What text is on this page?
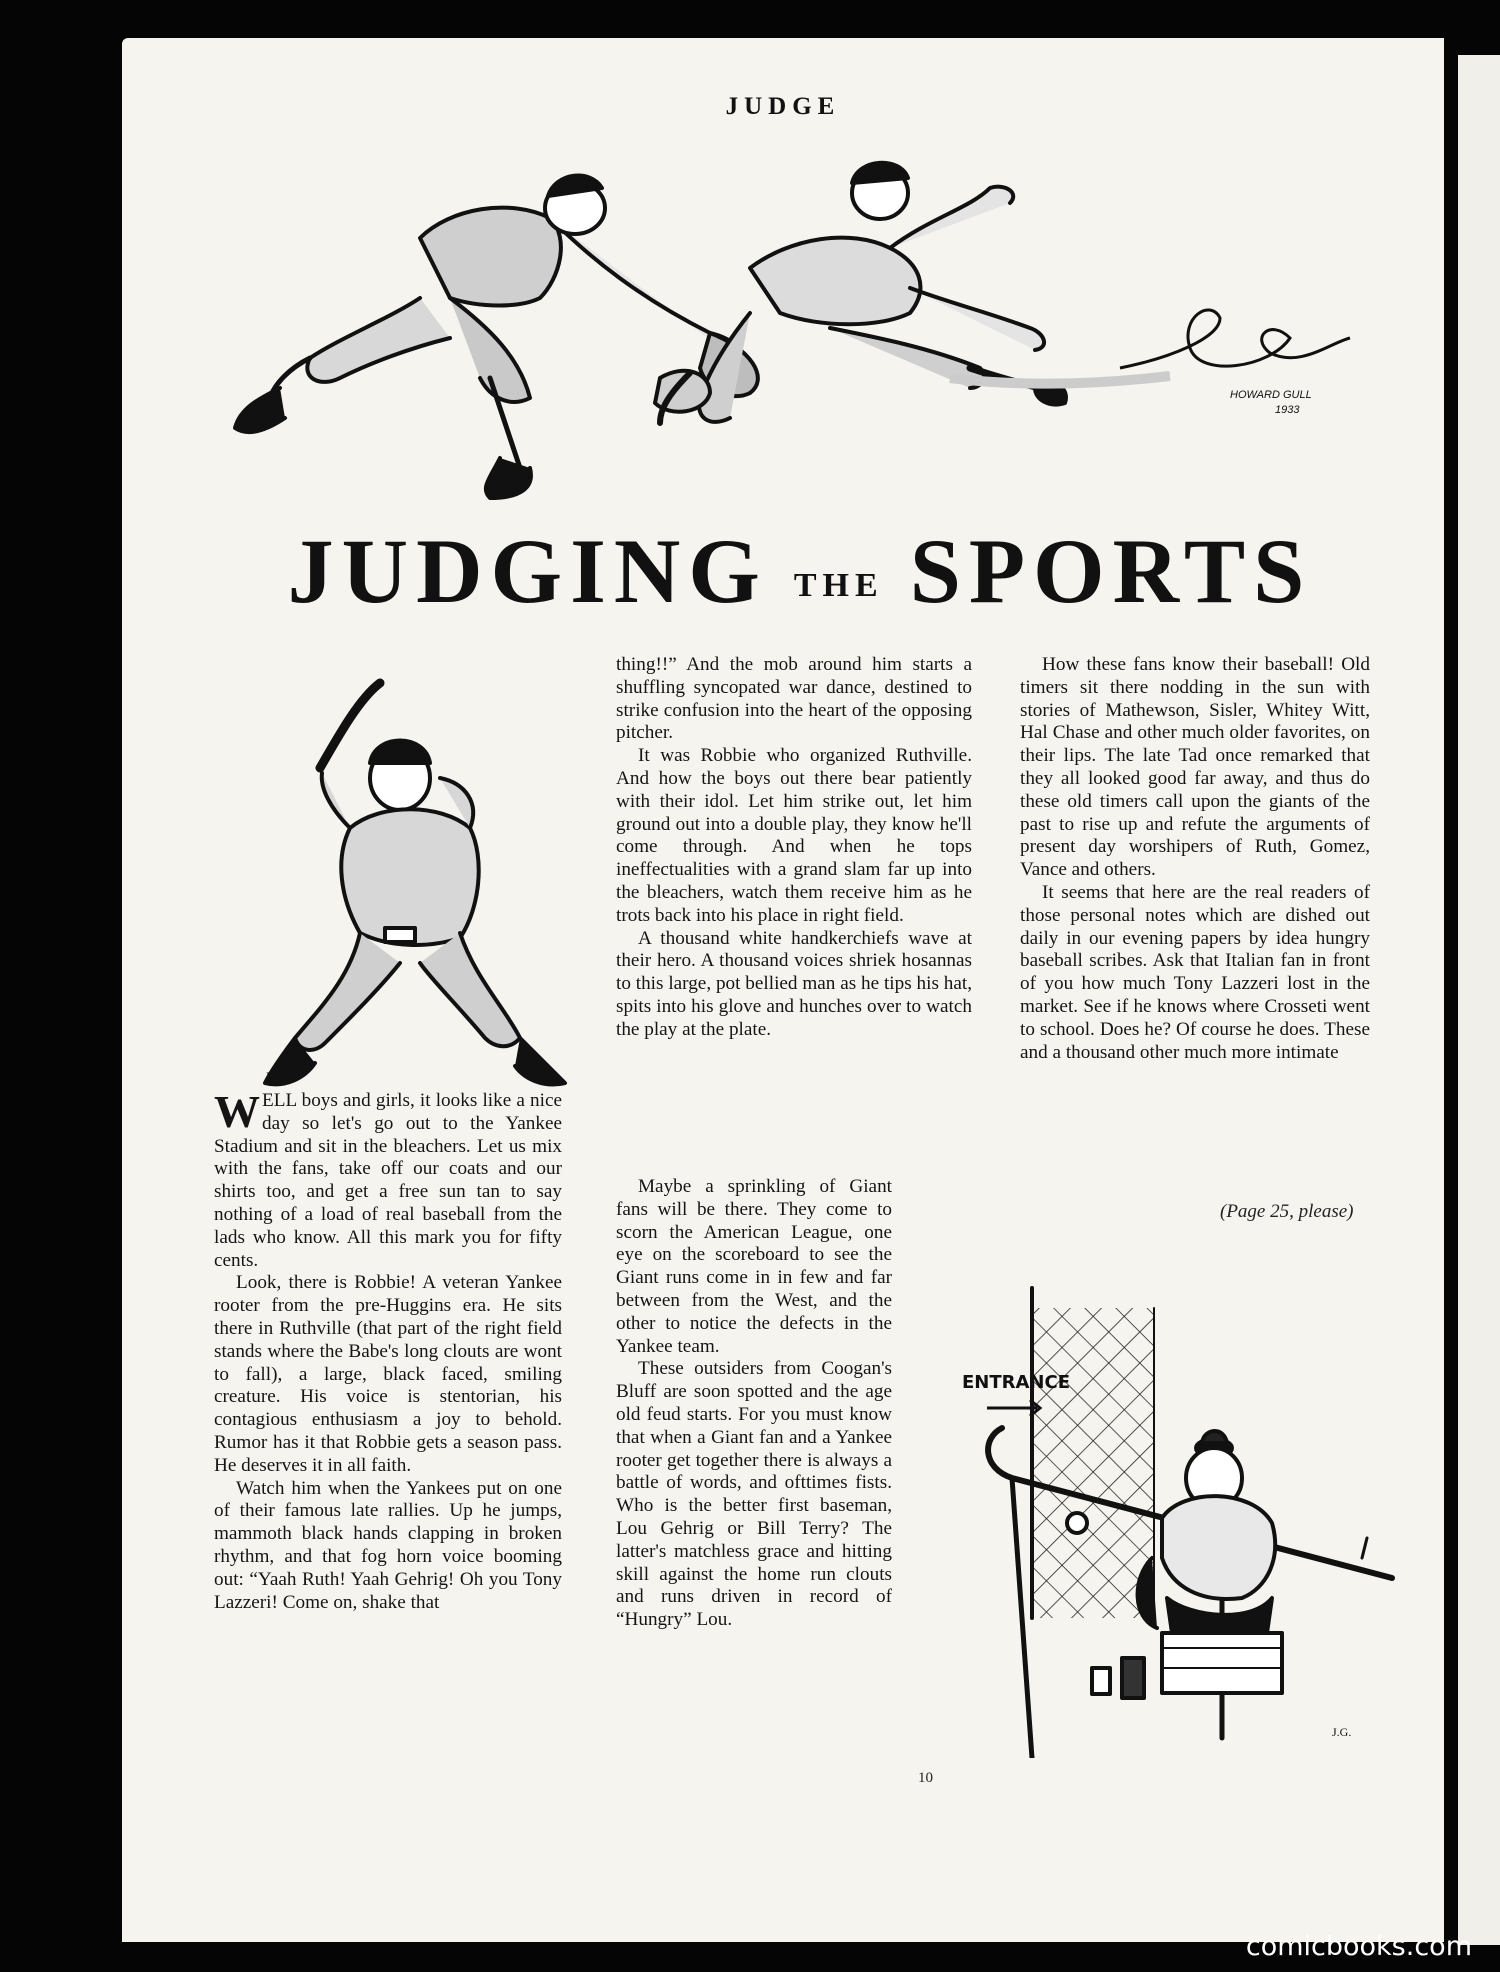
JUDGE
HOWARD GULL
1933
JUDGING THE SPORTS
J.G.

WELL boys and girls, it looks like a nice day so let's go out to the Yankee Stadium and sit in the bleachers. Let us mix with the fans, take off our coats and our shirts too, and get a free sun tan to say nothing of a load of real baseball from the lads who know. All this mark you for fifty cents.

Look, there is Robbie! A veteran Yankee rooter from the pre-Huggins era. He sits there in Ruthville (that part of the right field stands where the Babe's long clouts are wont to fall), a large, black faced, smiling creature. His voice is stentorian, his contagious enthusiasm a joy to behold. Rumor has it that Robbie gets a season pass. He deserves it in all faith.

Watch him when the Yankees put on one of their famous late rallies. Up he jumps, mammoth black hands clapping in broken rhythm, and that fog horn voice booming out: “Yaah Ruth! Yaah Gehrig! Oh you Tony Lazzeri! Come on, shake that

thing!!” And the mob around him starts a shuffling syncopated war dance, destined to strike confusion into the heart of the opposing pitcher.

It was Robbie who organized Ruthville. And how the boys out there bear patiently with their idol. Let him strike out, let him ground out into a double play, they know he'll come through. And when he tops ineffectualities with a grand slam far up into the bleachers, watch them receive him as he trots back into his place in right field.

A thousand white handkerchiefs wave at their hero. A thousand voices shriek hosannas to this large, pot bellied man as he tips his hat, spits into his glove and hunches over to watch the play at the plate.

Maybe a sprinkling of Giant fans will be there. They come to scorn the American League, one eye on the scoreboard to see the Giant runs come in in few and far between from the West, and the other to notice the defects in the Yankee team.

These outsiders from Coogan's Bluff are soon spotted and the age old feud starts. For you must know that when a Giant fan and a Yankee rooter get together there is always a battle of words, and ofttimes fists. Who is the better first baseman, Lou Gehrig or Bill Terry? The latter's matchless grace and hitting skill against the home run clouts and runs driven in record of “Hungry” Lou.

How these fans know their baseball! Old timers sit there nodding in the sun with stories of Mathewson, Sisler, Whitey Witt, Hal Chase and other much older favorites, on their lips. The late Tad once remarked that they all looked good far away, and thus do these old timers call upon the giants of the past to rise up and refute the arguments of present day worshipers of Ruth, Gomez, Vance and others.

It seems that here are the real readers of those personal notes which are dished out daily in our evening papers by idea hungry baseball scribes. Ask that Italian fan in front of you how much Tony Lazzeri lost in the market. See if he knows where Crosseti went to school. Does he? Of course he does. These and a thousand other much more intimate

(Page 25, please)
ENTRANCE
J.G.
10
comicbooks.com
